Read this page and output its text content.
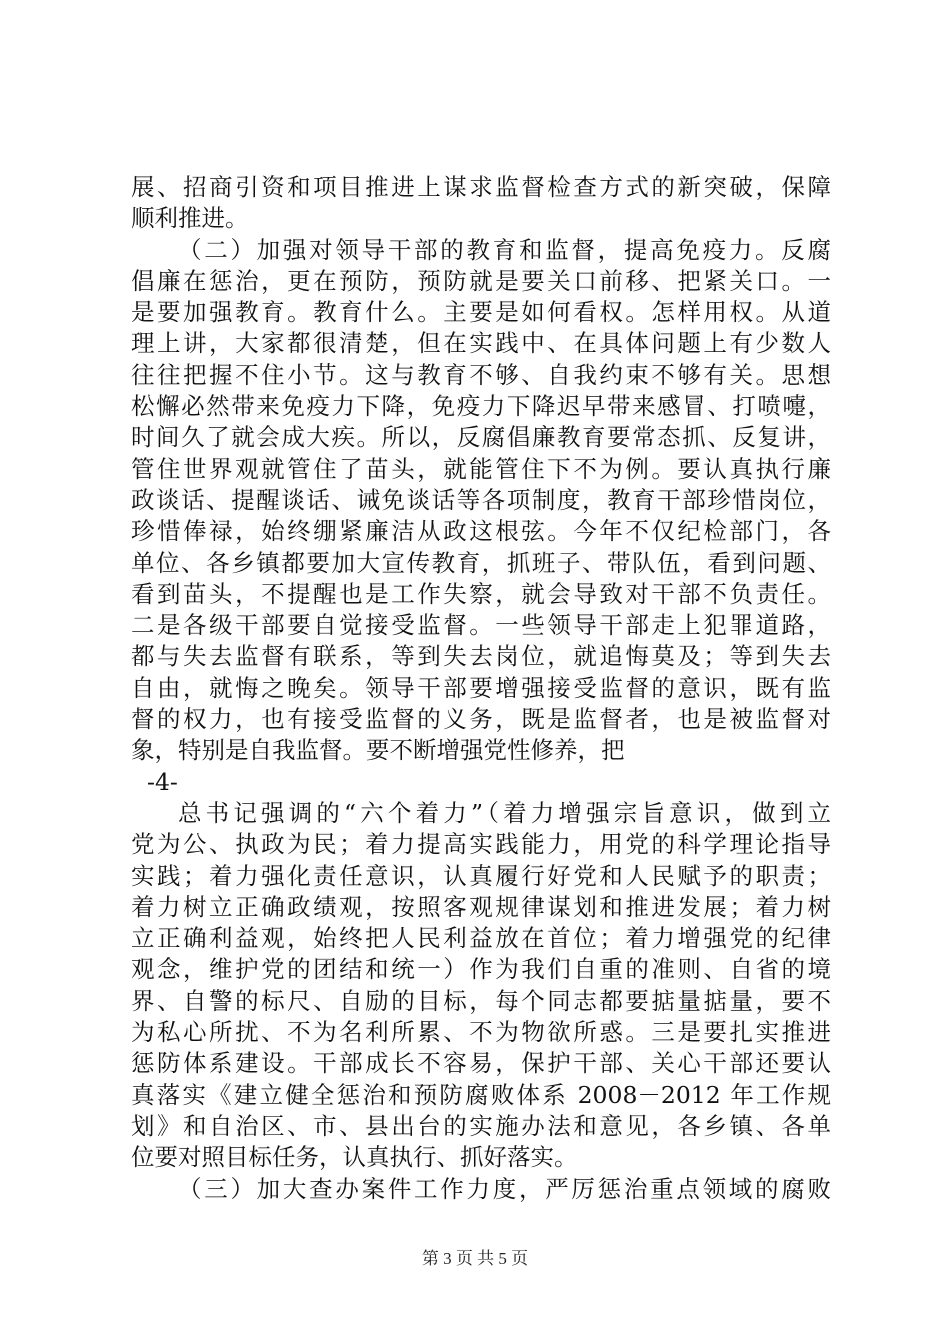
展、招商引资和项目推进上谋求监督检查方式的新突破，保障
顺利推进。
（二）加强对领导干部的教育和监督，提高免疫力。反腐
倡廉在惩治，更在预防，预防就是要关口前移、把紧关口。一
是要加强教育。教育什么。主要是如何看权。怎样用权。从道
理上讲，大家都很清楚，但在实践中、在具体问题上有少数人
往往把握不住小节。这与教育不够、自我约束不够有关。思想
松懈必然带来免疫力下降，免疫力下降迟早带来感冒、打喷嚏，
时间久了就会成大疾。所以，反腐倡廉教育要常态抓、反复讲，
管住世界观就管住了苗头，就能管住下不为例。要认真执行廉
政谈话、提醒谈话、诫免谈话等各项制度，教育干部珍惜岗位，
珍惜俸禄，始终绷紧廉洁从政这根弦。今年不仅纪检部门，各
单位、各乡镇都要加大宣传教育，抓班子、带队伍，看到问题、
看到苗头，不提醒也是工作失察，就会导致对干部不负责任。
二是各级干部要自觉接受监督。一些领导干部走上犯罪道路，
都与失去监督有联系，等到失去岗位，就追悔莫及；等到失去
自由，就悔之晚矣。领导干部要增强接受监督的意识，既有监
督的权力，也有接受监督的义务，既是监督者，也是被监督对
象，特别是自我监督。要不断增强党性修养，把
-4-
总书记强调的“六个着力”（着力增强宗旨意识，做到立
党为公、执政为民；着力提高实践能力，用党的科学理论指导
实践；着力强化责任意识，认真履行好党和人民赋予的职责；
着力树立正确政绩观，按照客观规律谋划和推进发展；着力树
立正确利益观，始终把人民利益放在首位；着力增强党的纪律
观念，维护党的团结和统一）作为我们自重的准则、自省的境
界、自警的标尺、自励的目标，每个同志都要掂量掂量，要不
为私心所扰、不为名利所累、不为物欲所惑。三是要扎实推进
惩防体系建设。干部成长不容易，保护干部、关心干部还要认
真落实《建立健全惩治和预防腐败体系 2008－2012 年工作规
划》和自治区、市、县出台的实施办法和意见，各乡镇、各单
位要对照目标任务，认真执行、抓好落实。
（三）加大查办案件工作力度，严厉惩治重点领域的腐败
第 3 页 共 5 页
